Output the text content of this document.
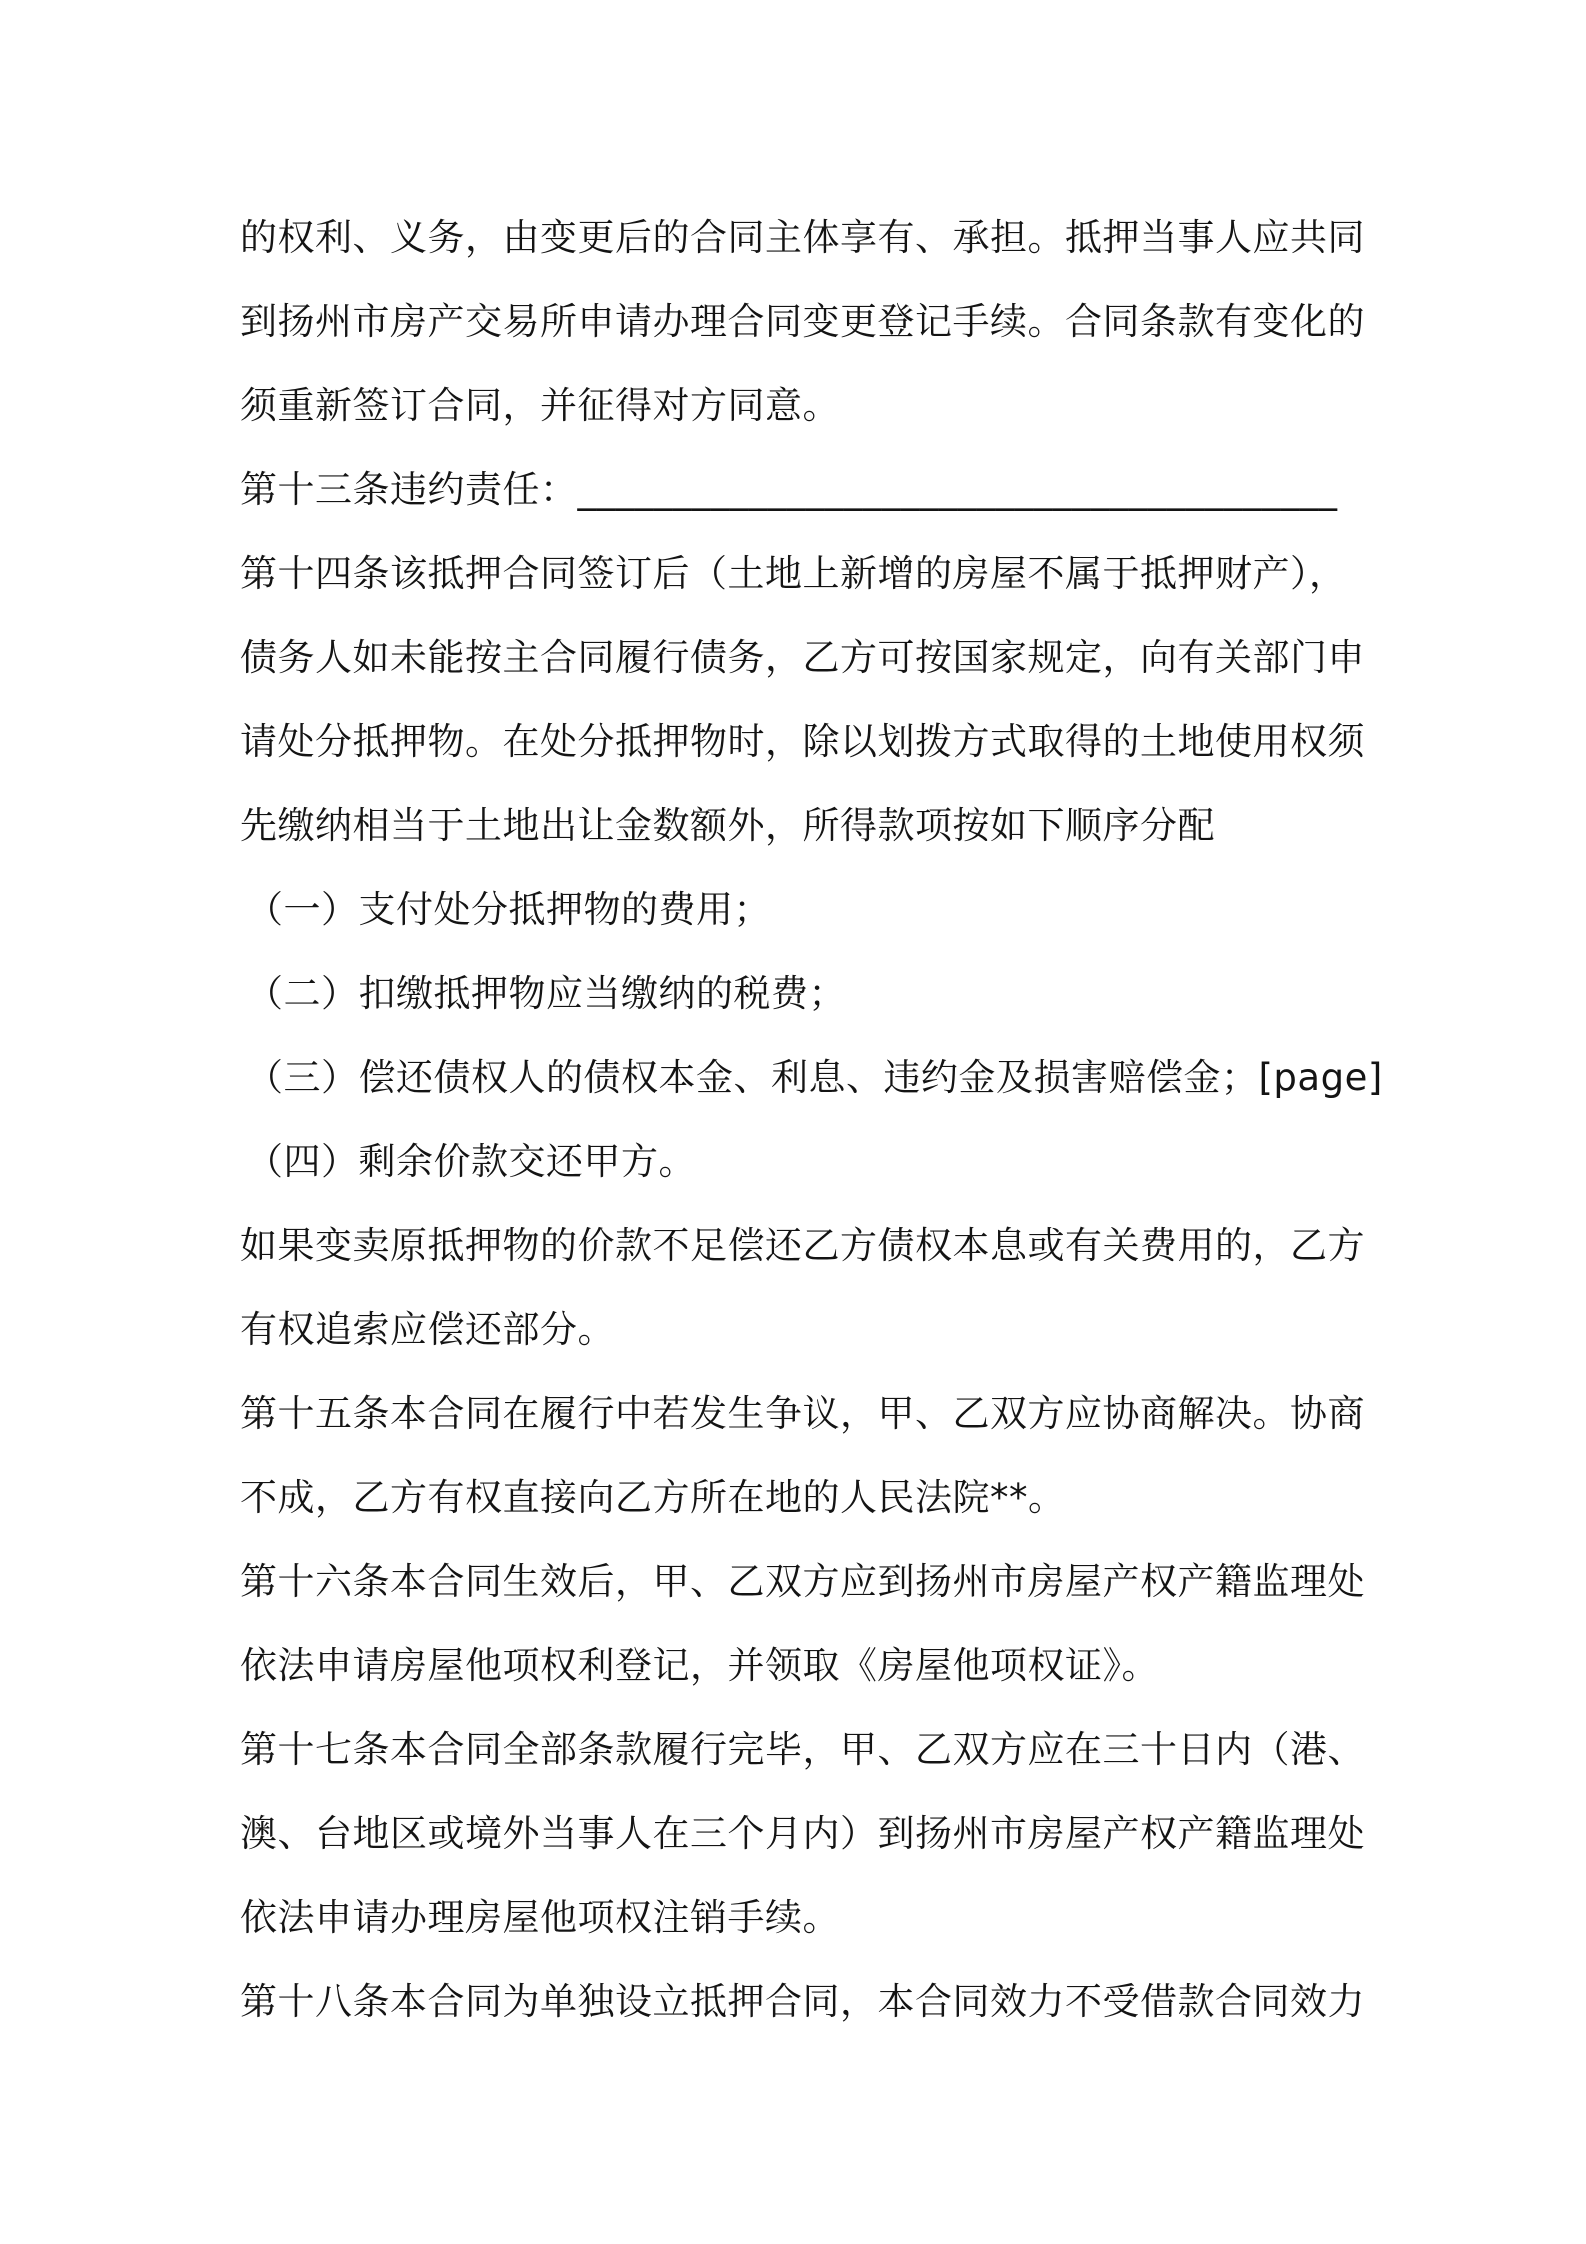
的权利、义务，由变更后的合同主体享有、承担。抵押当事人应共同
到扬州市房产交易所申请办理合同变更登记手续。合同条款有变化的
须重新签订合同，并征得对方同意。
第十三条违约责任：________________________________________
第十四条该抵押合同签订后（土地上新增的房屋不属于抵押财产），
债务人如未能按主合同履行债务，乙方可按国家规定，向有关部门申
请处分抵押物。在处分抵押物时，除以划拨方式取得的土地使用权须
先缴纳相当于土地出让金数额外，所得款项按如下顺序分配
（一）支付处分抵押物的费用；
（二）扣缴抵押物应当缴纳的税费；
（三）偿还债权人的债权本金、利息、违约金及损害赔偿金；[page]
（四）剩余价款交还甲方。
如果变卖原抵押物的价款不足偿还乙方债权本息或有关费用的，乙方
有权追索应偿还部分。
第十五条本合同在履行中若发生争议，甲、乙双方应协商解决。协商
不成，乙方有权直接向乙方所在地的人民法院**。
第十六条本合同生效后，甲、乙双方应到扬州市房屋产权产籍监理处
依法申请房屋他项权利登记，并领取《房屋他项权证》。
第十七条本合同全部条款履行完毕，甲、乙双方应在三十日内（港、
澳、台地区或境外当事人在三个月内）到扬州市房屋产权产籍监理处
依法申请办理房屋他项权注销手续。
第十八条本合同为单独设立抵押合同，本合同效力不受借款合同效力
